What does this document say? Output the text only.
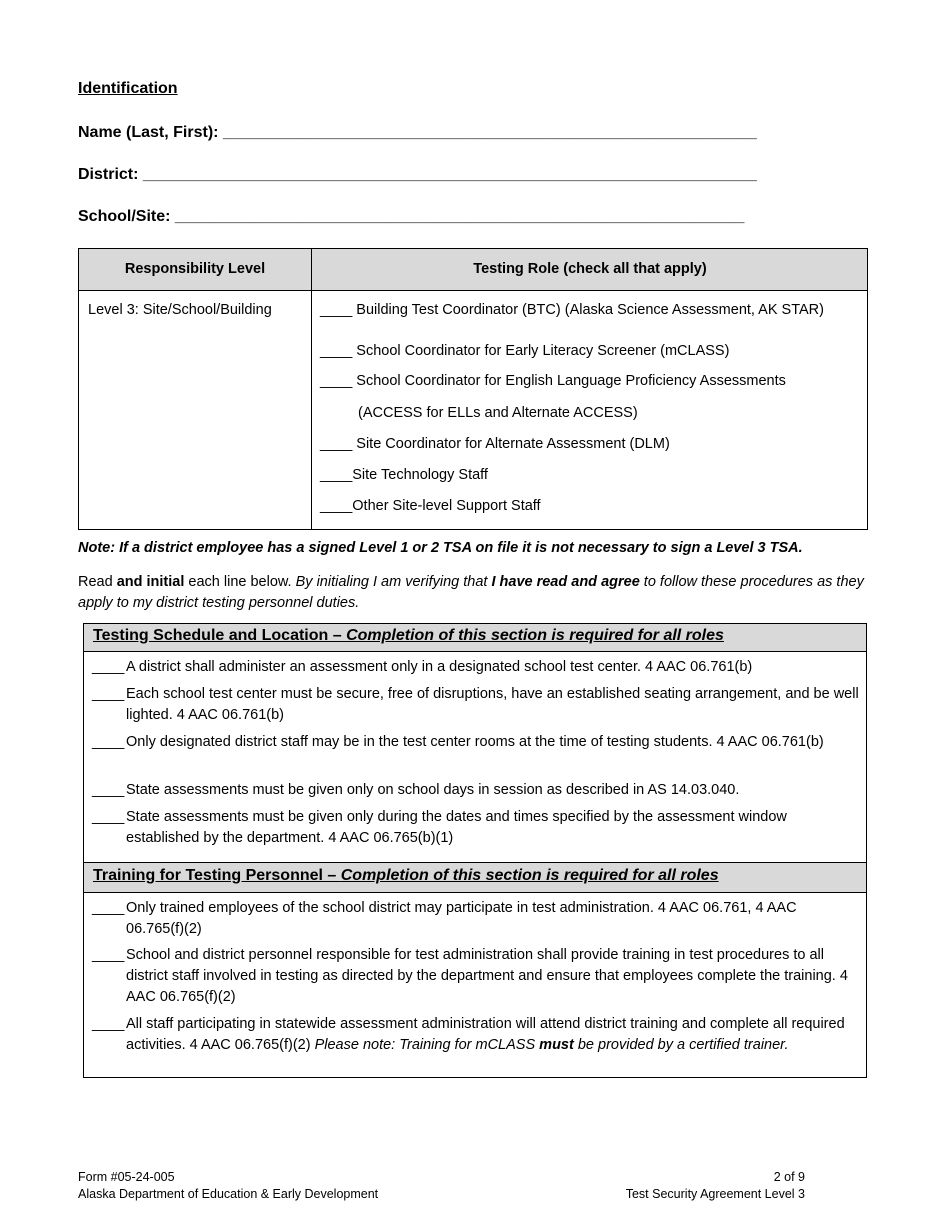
Identification
Name (Last, First): ____________________________________________________________
District: _____________________________________________________________________
School/Site: ________________________________________________________________
Responsibility Level	Testing Role (check all that apply)
Level 3: Site/School/Building	____ Building Test Coordinator (BTC) (Alaska Science Assessment, AK STAR)
____ School Coordinator for Early Literacy Screener (mCLASS)
____ School Coordinator for English Language Proficiency Assessments
(ACCESS for ELLs and Alternate ACCESS)
____ Site Coordinator for Alternate Assessment (DLM)
____Site Technology Staff
____Other Site-level Support Staff
Note: If a district employee has a signed Level 1 or 2 TSA on file it is not necessary to sign a Level 3 TSA.
Read and initial each line below. By initialing I am verifying that I have read and agree to follow these procedures as they apply to my district testing personnel duties.
Testing Schedule and Location – Completion of this section is required for all roles
____ A district shall administer an assessment only in a designated school test center. 4 AAC 06.761(b)
____ Each school test center must be secure, free of disruptions, have an established seating arrangement, and be well lighted. 4 AAC 06.761(b)
____ Only designated district staff may be in the test center rooms at the time of testing students. 4 AAC 06.761(b)
____ State assessments must be given only on school days in session as described in AS 14.03.040.
____ State assessments must be given only during the dates and times specified by the assessment window established by the department. 4 AAC 06.765(b)(1)
Training for Testing Personnel – Completion of this section is required for all roles
____ Only trained employees of the school district may participate in test administration. 4 AAC 06.761, 4 AAC 06.765(f)(2)
____ School and district personnel responsible for test administration shall provide training in test procedures to all district staff involved in testing as directed by the department and ensure that employees complete the training. 4 AAC 06.765(f)(2)
____ All staff participating in statewide assessment administration will attend district training and complete all required activities. 4 AAC 06.765(f)(2) Please note: Training for mCLASS must be provided by a certified trainer.
Form #05-24-005
Alaska Department of Education & Early Development
2 of 9
Test Security Agreement Level 3
